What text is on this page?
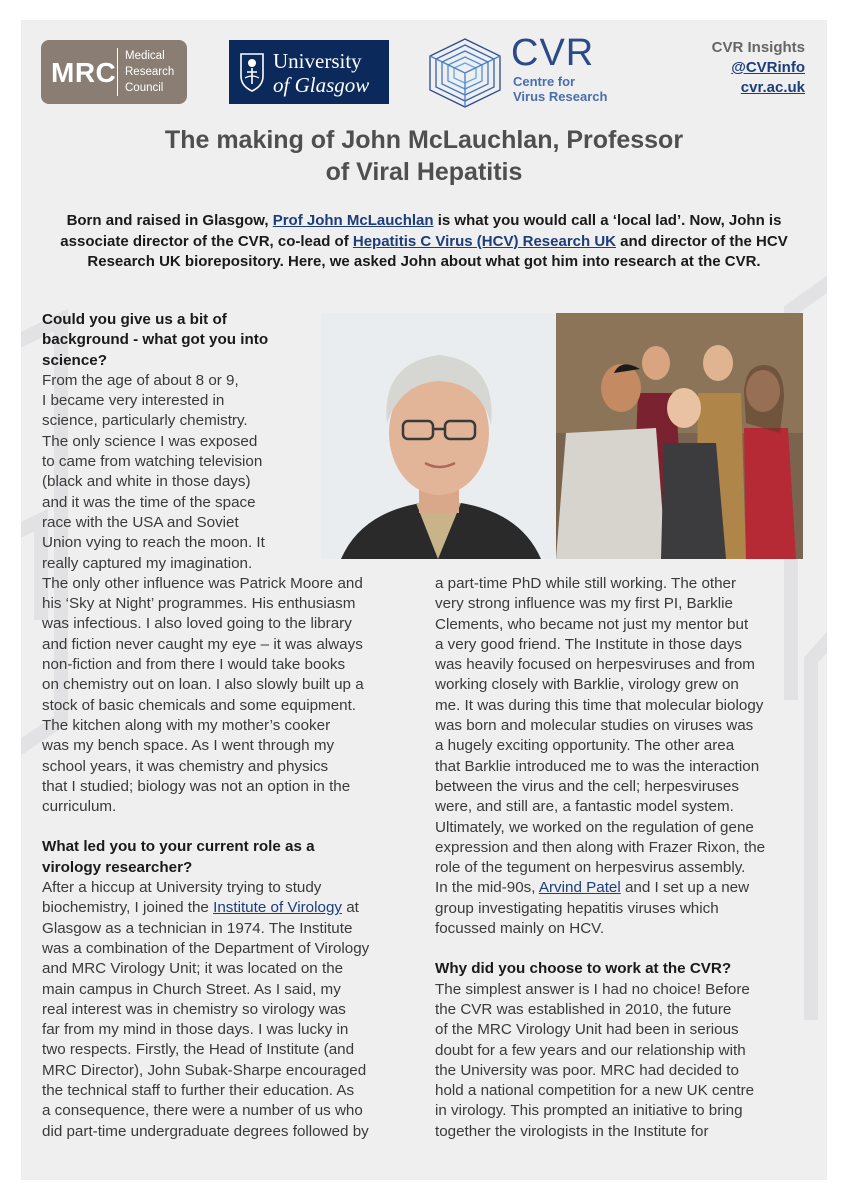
MRC
Medical
Research
Council
University
of Glasgow
CVR
Centre for
Virus Research
CVR Insights
@CVRinfo
cvr.ac.uk
The making of John McLauchlan, Professor
of Viral Hepatitis
Born and raised in Glasgow, Prof John McLauchlan is what you would call a ‘local lad’. Now, John is associate director of the CVR, co-lead of Hepatitis C Virus (HCV) Research UK and director of the HCV Research UK biorepository. Here, we asked John about what got him into research at the CVR.
Could you give us a bit of
background - what got you into
science?

From the age of about 8 or 9,

I became very interested in

science, particularly chemistry.

The only science I was exposed

to came from watching television

(black and white in those days)

and it was the time of the space

race with the USA and Soviet

Union vying to reach the moon. It

really captured my imagination.

The only other influence was Patrick Moore and

his ‘Sky at Night’ programmes. His enthusiasm

was infectious. I also loved going to the library

and fiction never caught my eye – it was always

non-fiction and from there I would take books

on chemistry out on loan. I also slowly built up a

stock of basic chemicals and some equipment.

The kitchen along with my mother’s cooker

was my bench space. As I went through my

school years, it was chemistry and physics

that I studied; biology was not an option in the

curriculum.

What led you to your current role as a
virology researcher?

After a hiccup at University trying to study

biochemistry, I joined the Institute of Virology at

Glasgow as a technician in 1974. The Institute

was a combination of the Department of Virology

and MRC Virology Unit; it was located on the

main campus in Church Street. As I said, my

real interest was in chemistry so virology was

far from my mind in those days. I was lucky in

two respects. Firstly, the Head of Institute (and

MRC Director), John Subak-Sharpe encouraged

the technical staff to further their education. As

a consequence, there were a number of us who

did part-time undergraduate degrees followed by

a part-time PhD while still working. The other

very strong influence was my first PI, Barklie

Clements, who became not just my mentor but

a very good friend. The Institute in those days

was heavily focused on herpesviruses and from

working closely with Barklie, virology grew on

me. It was during this time that molecular biology

was born and molecular studies on viruses was

a hugely exciting opportunity. The other area

that Barklie introduced me to was the interaction

between the virus and the cell; herpesviruses

were, and still are, a fantastic model system.

Ultimately, we worked on the regulation of gene

expression and then along with Frazer Rixon, the

role of the tegument on herpesvirus assembly.

In the mid-90s, Arvind Patel and I set up a new

group investigating hepatitis viruses which

focussed mainly on HCV.

Why did you choose to work at the CVR?

The simplest answer is I had no choice! Before

the CVR was established in 2010, the future

of the MRC Virology Unit had been in serious

doubt for a few years and our relationship with

the University was poor. MRC had decided to

hold a national competition for a new UK centre

in virology. This prompted an initiative to bring

together the virologists in the Institute for
